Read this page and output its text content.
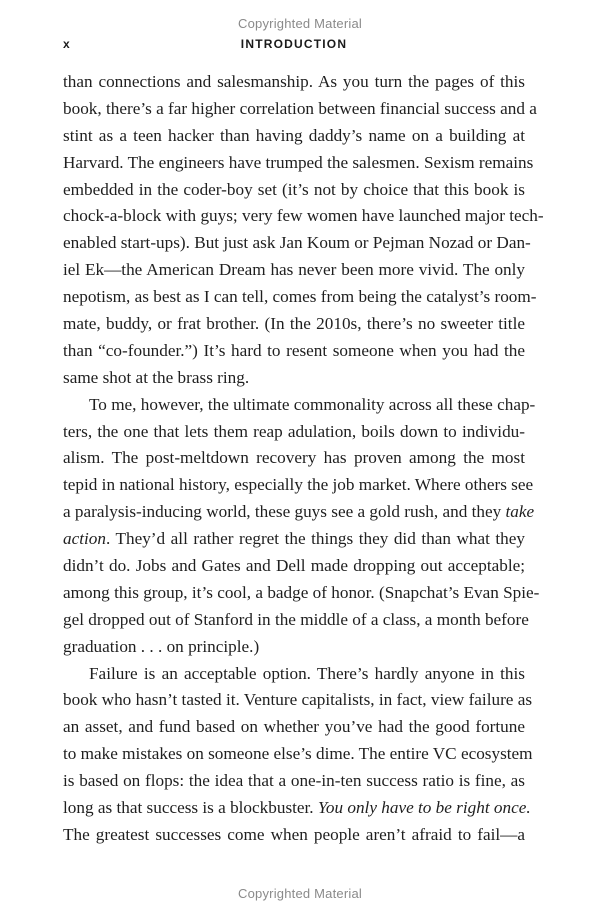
Copyrighted Material
x	INTRODUCTION
than connections and salesmanship. As you turn the pages of this
book, there’s a far higher correlation between financial success and a
stint as a teen hacker than having daddy’s name on a building at
Harvard. The engineers have trumped the salesmen. Sexism remains
embedded in the coder-boy set (it’s not by choice that this book is
chock-a-block with guys; very few women have launched major tech-
enabled start-ups). But just ask Jan Koum or Pejman Nozad or Dan-
iel Ek—the American Dream has never been more vivid. The only
nepotism, as best as I can tell, comes from being the catalyst’s room-
mate, buddy, or frat brother. (In the 2010s, there’s no sweeter title
than “co-founder.”) It’s hard to resent someone when you had the
same shot at the brass ring.
To me, however, the ultimate commonality across all these chap-
ters, the one that lets them reap adulation, boils down to individu-
alism. The post-meltdown recovery has proven among the most
tepid in national history, especially the job market. Where others see
a paralysis-inducing world, these guys see a gold rush, and they take
action. They’d all rather regret the things they did than what they
didn’t do. Jobs and Gates and Dell made dropping out acceptable;
among this group, it’s cool, a badge of honor. (Snapchat’s Evan Spie-
gel dropped out of Stanford in the middle of a class, a month before
graduation . . . on principle.)
Failure is an acceptable option. There’s hardly anyone in this
book who hasn’t tasted it. Venture capitalists, in fact, view failure as
an asset, and fund based on whether you’ve had the good fortune
to make mistakes on someone else’s dime. The entire VC ecosystem
is based on flops: the idea that a one-in-ten success ratio is fine, as
long as that success is a blockbuster. You only have to be right once.
The greatest successes come when people aren’t afraid to fail—a
Copyrighted Material
